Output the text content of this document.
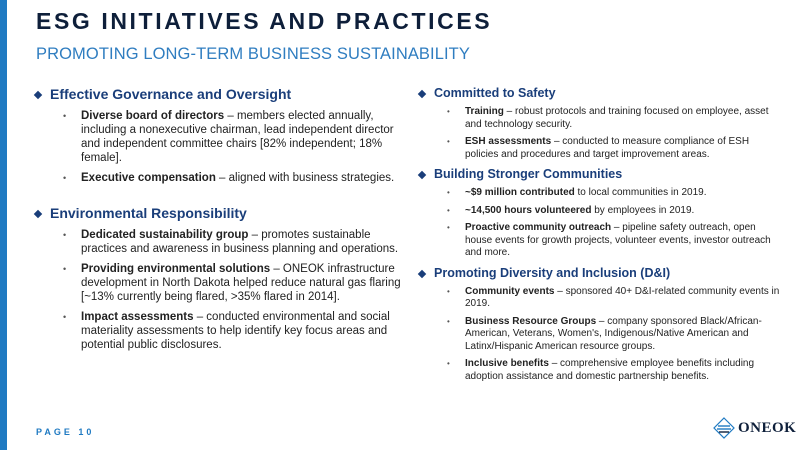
ESG INITIATIVES AND PRACTICES
PROMOTING LONG-TERM BUSINESS SUSTAINABILITY
Effective Governance and Oversight
•	Diverse board of directors – members elected annually, including a nonexecutive chairman, lead independent director and independent committee chairs [82% independent; 18% female].
•	Executive compensation – aligned with business strategies.
Environmental Responsibility
•	Dedicated sustainability group – promotes sustainable practices and awareness in business planning and operations.
•	Providing environmental solutions – ONEOK infrastructure development in North Dakota helped reduce natural gas flaring [~13% currently being flared, >35% flared in 2014].
•	Impact assessments – conducted environmental and social materiality assessments to help identify key focus areas and potential public disclosures.
Committed to Safety
•	Training – robust protocols and training focused on employee, asset and technology security.
•	ESH assessments – conducted to measure compliance of ESH policies and procedures and target improvement areas.
Building Stronger Communities
•	~$9 million contributed to local communities in 2019.
•	~14,500 hours volunteered by employees in 2019.
•	Proactive community outreach – pipeline safety outreach, open house events for growth projects, volunteer events, investor outreach and more.
Promoting Diversity and Inclusion (D&I)
•	Community events – sponsored 40+ D&I-related community events in 2019.
•	Business Resource Groups – company sponsored Black/African-American, Veterans, Women's, Indigenous/Native American and Latinx/Hispanic American resource groups.
•	Inclusive benefits – comprehensive employee benefits including adoption assistance and domestic partnership benefits.
PAGE 10	ONEOK
